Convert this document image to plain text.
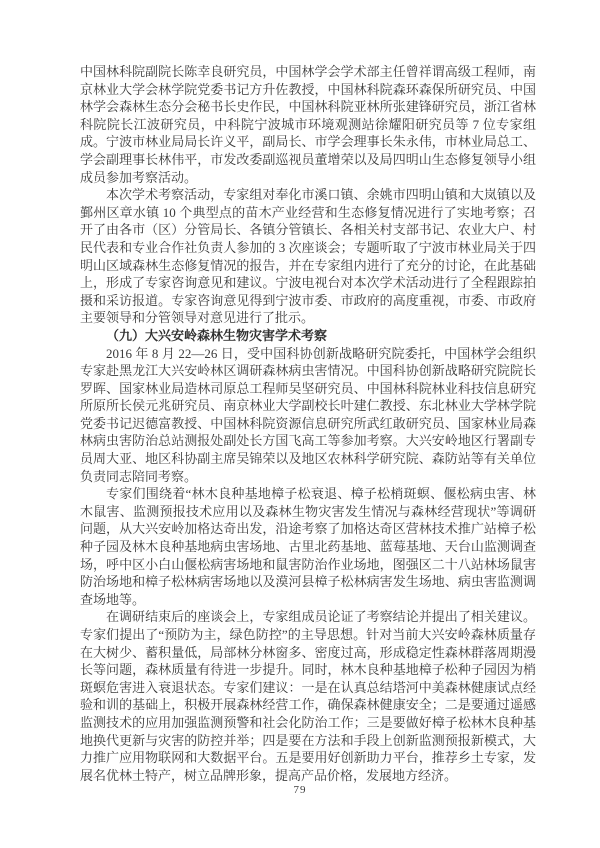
中国林科院副院长陈幸良研究员，中国林学会学术部主任曾祥谓高级工程师，南京林业大学会林学院党委书记方升佐教授，中国林科院森环森保所研究员、中国林学会森林生态分会秘书长史作民，中国林科院亚林所张建锋研究员，浙江省林科院院长江波研究员，中科院宁波城市环境观测站徐耀阳研究员等 7 位专家组成。宁波市林业局局长许义平，副局长、市学会理事长朱永伟，市林业局总工、学会副理事长林伟平，市发改委副巡视员董增荣以及局四明山生态修复领导小组成员参加考察活动。

本次学术考察活动，专家组对奉化市溪口镇、余姚市四明山镇和大岚镇以及鄞州区章水镇 10 个典型点的苗木产业经营和生态修复情况进行了实地考察；召开了由各市（区）分管局长、各镇分管镇长、各相关村支部书记、农业大户、村民代表和专业合作社负责人参加的 3 次座谈会；专题听取了宁波市林业局关于四明山区域森林生态修复情况的报告，并在专家组内进行了充分的讨论，在此基础上，形成了专家咨询意见和建议。宁波电视台对本次学术活动进行了全程跟踪拍摄和采访报道。专家咨询意见得到宁波市委、市政府的高度重视，市委、市政府主要领导和分管领导对意见进行了批示。

（九）大兴安岭森林生物灾害学术考察

2016 年 8 月 22—26 日，受中国科协创新战略研究院委托，中国林学会组织专家赴黑龙江大兴安岭林区调研森林病虫害情况。中国科协创新战略研究院院长罗晖、国家林业局造林司原总工程师吴坚研究员、中国林科院林业科技信息研究所原所长侯元兆研究员、南京林业大学副校长叶建仁教授、东北林业大学林学院党委书记迟德富教授、中国林科院资源信息研究所武红敢研究员、国家林业局森林病虫害防治总站测报处副处长方国飞高工等参加考察。大兴安岭地区行署副专员周大亚、地区科协副主席吴锦荣以及地区农林科学研究院、森防站等有关单位负责同志陪同考察。

专家们围绕着“林木良种基地樟子松衰退、樟子松梢斑螟、偃松病虫害、林木鼠害、监测预报技术应用以及森林生物灾害发生情况与森林经营现状”等调研问题，从大兴安岭加格达奇出发，沿途考察了加格达奇区营林技术推广站樟子松种子园及林木良种基地病虫害场地、古里北药基地、蓝莓基地、天台山监测调查场，呼中区小白山偃松病害场地和鼠害防治作业场地，图强区二十八站林场鼠害防治场地和樟子松林病害场地以及漠河县樟子松林病害发生场地、病虫害监测调查场地等。

在调研结束后的座谈会上，专家组成员论证了考察结论并提出了相关建议。专家们提出了“预防为主，绿色防控”的主导思想。针对当前大兴安岭森林质量存在大树少、蓄积量低，局部林分林窗多、密度过高，形成稳定性森林群落周期漫长等问题，森林质量有待进一步提升。同时，林木良种基地樟子松种子园因为梢斑螟危害进入衰退状态。专家们建议：一是在认真总结塔河中美森林健康试点经验和训的基础上，积极开展森林经营工作，确保森林健康安全；二是要通过遥感监测技术的应用加强监测预警和社会化防治工作；三是要做好樟子松林木良种基地换代更新与灾害的防控并举；四是要在方法和手段上创新监测预报新模式，大力推广应用物联网和大数据平台。五是要用好创新助力平台，推荐乡土专家，发展名优林土特产，树立品牌形象，提高产品价格，发展地方经济。

79
